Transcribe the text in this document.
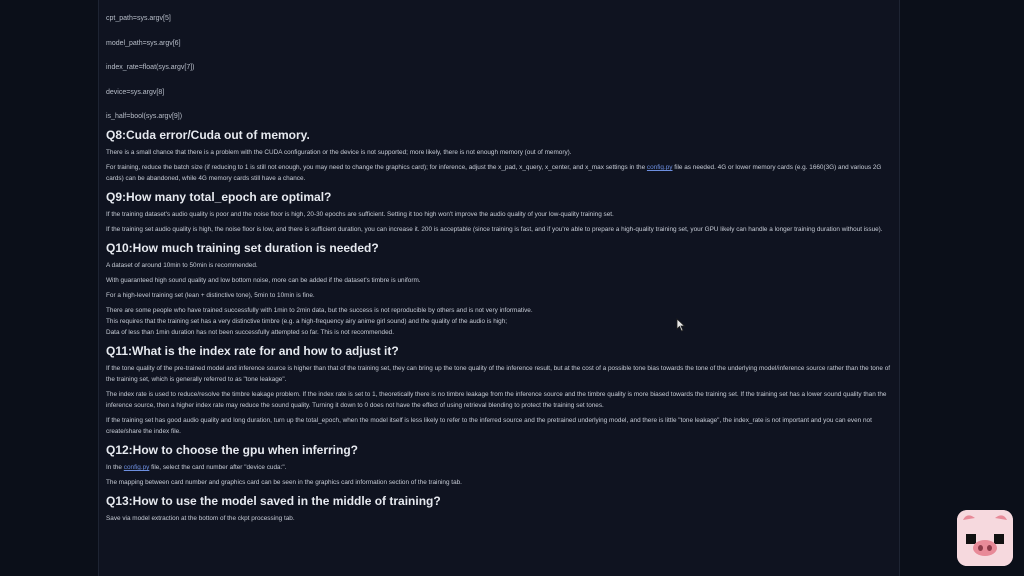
cpt_path=sys.argv[5]
model_path=sys.argv[6]
index_rate=float(sys.argv[7])
device=sys.argv[8]
is_half=bool(sys.argv[9])
Q8:Cuda error/Cuda out of memory.

There is a small chance that there is a problem with the CUDA configuration or the device is not supported; more likely, there is not enough memory (out of memory).

For training, reduce the batch size (if reducing to 1 is still not enough, you may need to change the graphics card); for inference, adjust the x_pad, x_query, x_center, and x_max settings in the config.py file as needed. 4G or lower memory cards (e.g. 1660(3G) and various 2G cards) can be abandoned, while 4G memory cards still have a chance.

Q9:How many total_epoch are optimal?

If the training dataset's audio quality is poor and the noise floor is high, 20-30 epochs are sufficient. Setting it too high won't improve the audio quality of your low-quality training set.

If the training set audio quality is high, the noise floor is low, and there is sufficient duration, you can increase it. 200 is acceptable (since training is fast, and if you're able to prepare a high-quality training set, your GPU likely can handle a longer training duration without issue).

Q10:How much training set duration is needed?

A dataset of around 10min to 50min is recommended.

With guaranteed high sound quality and low bottom noise, more can be added if the dataset's timbre is uniform.

For a high-level training set (lean + distinctive tone), 5min to 10min is fine.

There are some people who have trained successfully with 1min to 2min data, but the success is not reproducible by others and is not very informative.

This requires that the training set has a very distinctive timbre (e.g. a high-frequency airy anime girl sound) and the quality of the audio is high;

Data of less than 1min duration has not been successfully attempted so far. This is not recommended.

Q11:What is the index rate for and how to adjust it?

If the tone quality of the pre-trained model and inference source is higher than that of the training set, they can bring up the tone quality of the inference result, but at the cost of a possible tone bias towards the tone of the underlying model/inference source rather than the tone of the training set, which is generally referred to as "tone leakage".

The index rate is used to reduce/resolve the timbre leakage problem. If the index rate is set to 1, theoretically there is no timbre leakage from the inference source and the timbre quality is more biased towards the training set. If the training set has a lower sound quality than the inference source, then a higher index rate may reduce the sound quality. Turning it down to 0 does not have the effect of using retrieval blending to protect the training set tones.

If the training set has good audio quality and long duration, turn up the total_epoch, when the model itself is less likely to refer to the inferred source and the pretrained underlying model, and there is little "tone leakage", the index_rate is not important and you can even not create/share the index file.

Q12:How to choose the gpu when inferring?

In the config.py file, select the card number after "device cuda:".

The mapping between card number and graphics card can be seen in the graphics card information section of the training tab.

Q13:How to use the model saved in the middle of training?

Save via model extraction at the bottom of the ckpt processing tab.
